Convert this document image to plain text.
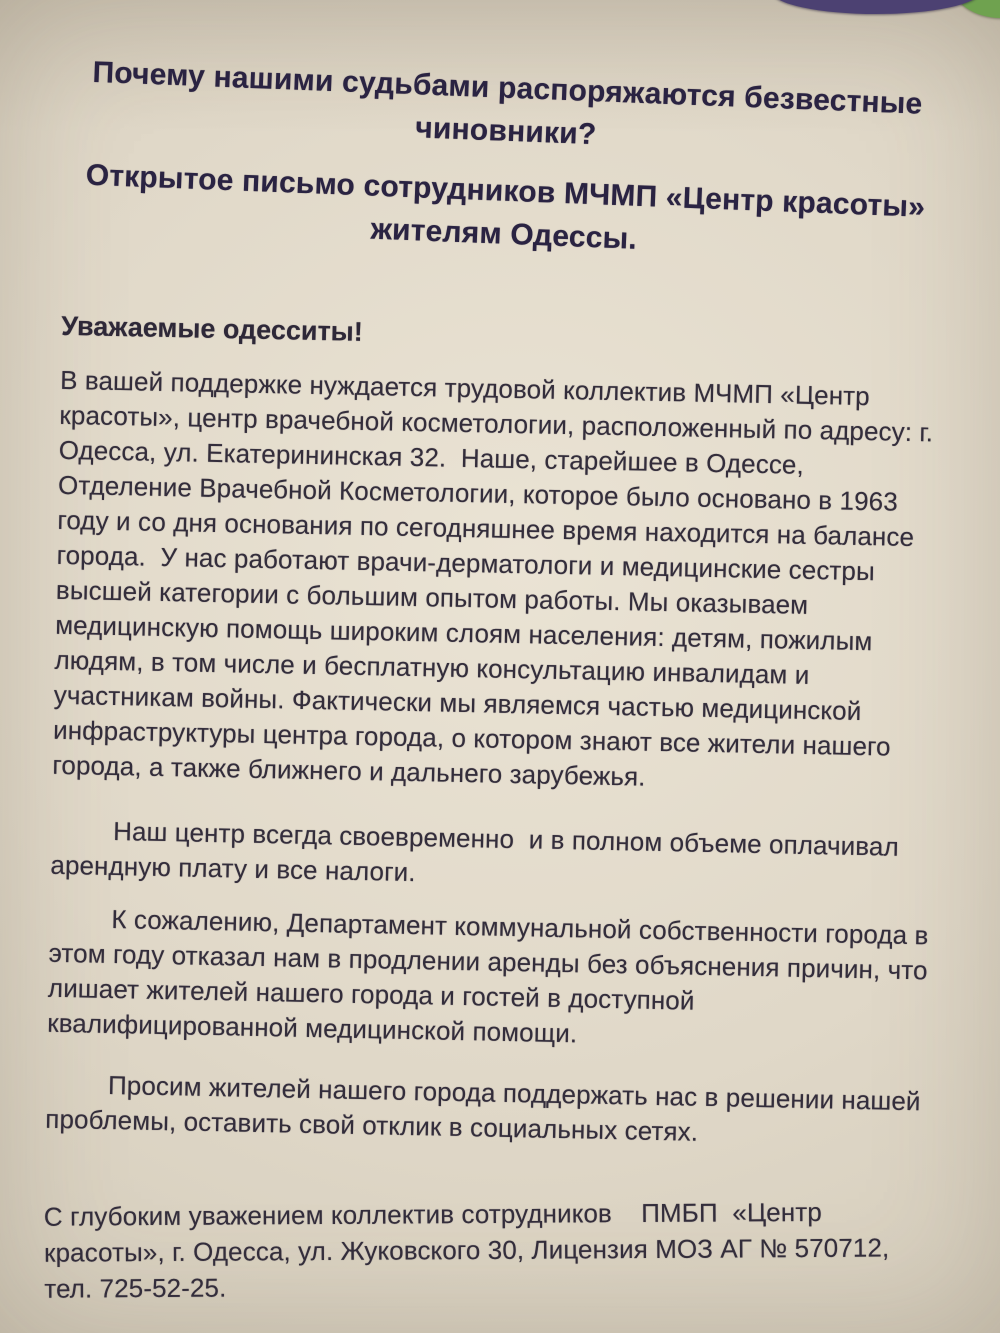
Почему нашими судьбами распоряжаются безвестные чиновники?
Открытое письмо сотрудников МЧМП «Центр красоты» жителям Одессы.

Уважаемые одесситы!

В вашей поддержке нуждается трудовой коллектив МЧМП «Центр красоты», центр врачебной косметологии, расположенный по адресу: г. Одесса, ул. Екатерининская 32.  Наше, старейшее в Одессе, Отделение Врачебной Косметологии, которое было основано в 1963 году и со дня основания по сегодняшнее время находится на балансе города.  У нас работают врачи-дерматологи и медицинские сестры высшей категории с большим опытом работы. Мы оказываем медицинскую помощь широким слоям населения: детям, пожилым людям, в том числе и бесплатную консультацию инвалидам и участникам войны. Фактически мы являемся частью медицинской инфраструктуры центра города, о котором знают все жители нашего города, а также ближнего и дальнего зарубежья.

Наш центр всегда своевременно  и в полном объеме оплачивал арендную плату и все налоги.

К сожалению, Департамент коммунальной собственности города в этом году отказал нам в продлении аренды без объяснения причин, что лишает жителей нашего города и гостей в доступной квалифицированной медицинской помощи.

Просим жителей нашего города поддержать нас в решении нашей проблемы, оставить свой отклик в социальных сетях.

С глубоким уважением коллектив сотрудников    ПМБП  «Центр красоты», г. Одесса, ул. Жуковского 30, Лицензия МОЗ АГ № 570712, тел. 725-52-25.
